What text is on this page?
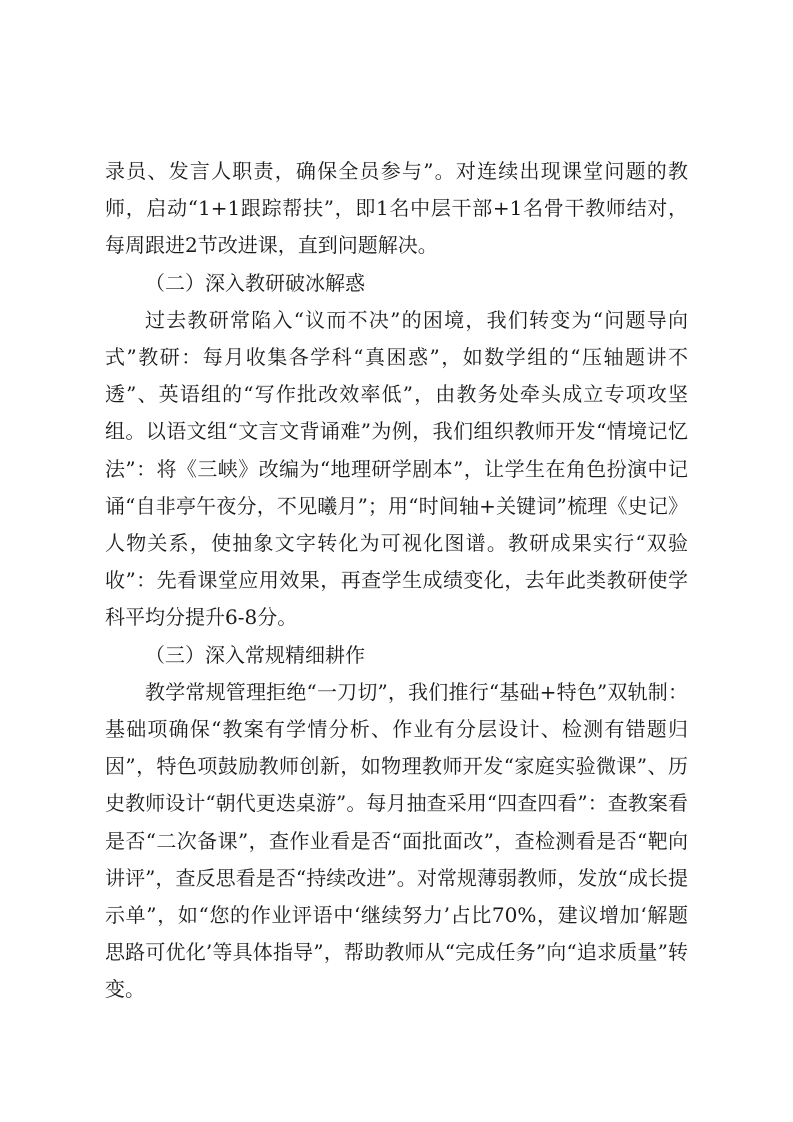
录员、发言人职责，确保全员参与”。对连续出现课堂问题的教师，启动“1+1跟踪帮扶”，即1名中层干部+1名骨干教师结对，每周跟进2节改进课，直到问题解决。

（二）深入教研破冰解惑

过去教研常陷入“议而不决”的困境，我们转变为“问题导向式”教研：每月收集各学科“真困惑”，如数学组的“压轴题讲不透”、英语组的“写作批改效率低”，由教务处牵头成立专项攻坚组。以语文组“文言文背诵难”为例，我们组织教师开发“情境记忆法”：将《三峡》改编为“地理研学剧本”，让学生在角色扮演中记诵“自非亭午夜分，不见曦月”；用“时间轴+关键词”梳理《史记》人物关系，使抽象文字转化为可视化图谱。教研成果实行“双验收”：先看课堂应用效果，再查学生成绩变化，去年此类教研使学科平均分提升6-8分。

（三）深入常规精细耕作

教学常规管理拒绝“一刀切”，我们推行“基础+特色”双轨制：基础项确保“教案有学情分析、作业有分层设计、检测有错题归因”，特色项鼓励教师创新，如物理教师开发“家庭实验微课”、历史教师设计“朝代更迭桌游”。每月抽查采用“四查四看”：查教案看是否“二次备课”，查作业看是否“面批面改”，查检测看是否“靶向讲评”，查反思看是否“持续改进”。对常规薄弱教师，发放“成长提示单”，如“您的作业评语中‘继续努力’占比70%，建议增加‘解题思路可优化’等具体指导”，帮助教师从“完成任务”向“追求质量”转变。
